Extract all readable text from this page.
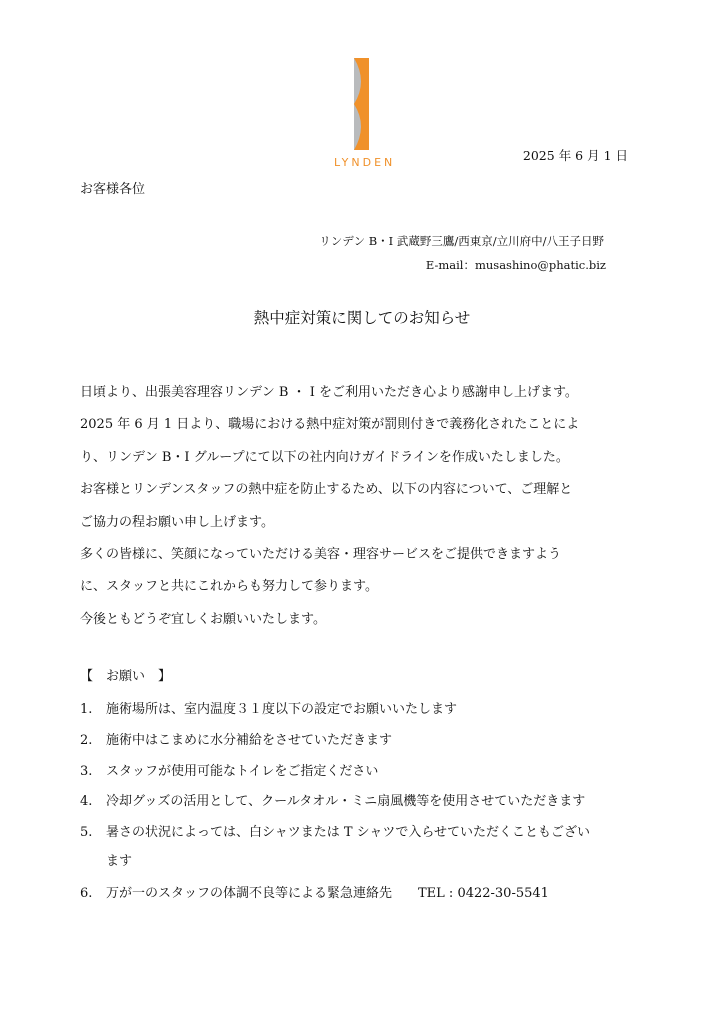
LYNDEN	2025 年 6 月 1 日
お客様各位
リンデン B・I 武蔵野三鷹/西東京/立川府中/八王子日野
E-mail：musashino@phatic.biz
熱中症対策に関してのお知らせ
日頃より、出張美容理容リンデン B ・ I をご利用いただき心より感謝申し上げます。
2025 年 6 月 1 日より、職場における熱中症対策が罰則付きで義務化されたことによ
り、リンデン B・I グループにて以下の社内向けガイドラインを作成いたしました。
お客様とリンデンスタッフの熱中症を防止するため、以下の内容について、ご理解と
ご協力の程お願い申し上げます。
多くの皆様に、笑顔になっていただける美容・理容サービスをご提供できますよう
に、スタッフと共にこれからも努力して参ります。
今後ともどうぞ宜しくお願いいたします。
【　お願い　】
1. 施術場所は、室内温度３１度以下の設定でお願いいたします
2. 施術中はこまめに水分補給をさせていただきます
3. スタッフが使用可能なトイレをご指定ください
4. 冷却グッズの活用として、クールタオル・ミニ扇風機等を使用させていただきます
5. 暑さの状況によっては、白シャツまたは T シャツで入らせていただくこともござい
ます
6. 万が一のスタッフの体調不良等による緊急連絡先　　TEL : 0422-30-5541
